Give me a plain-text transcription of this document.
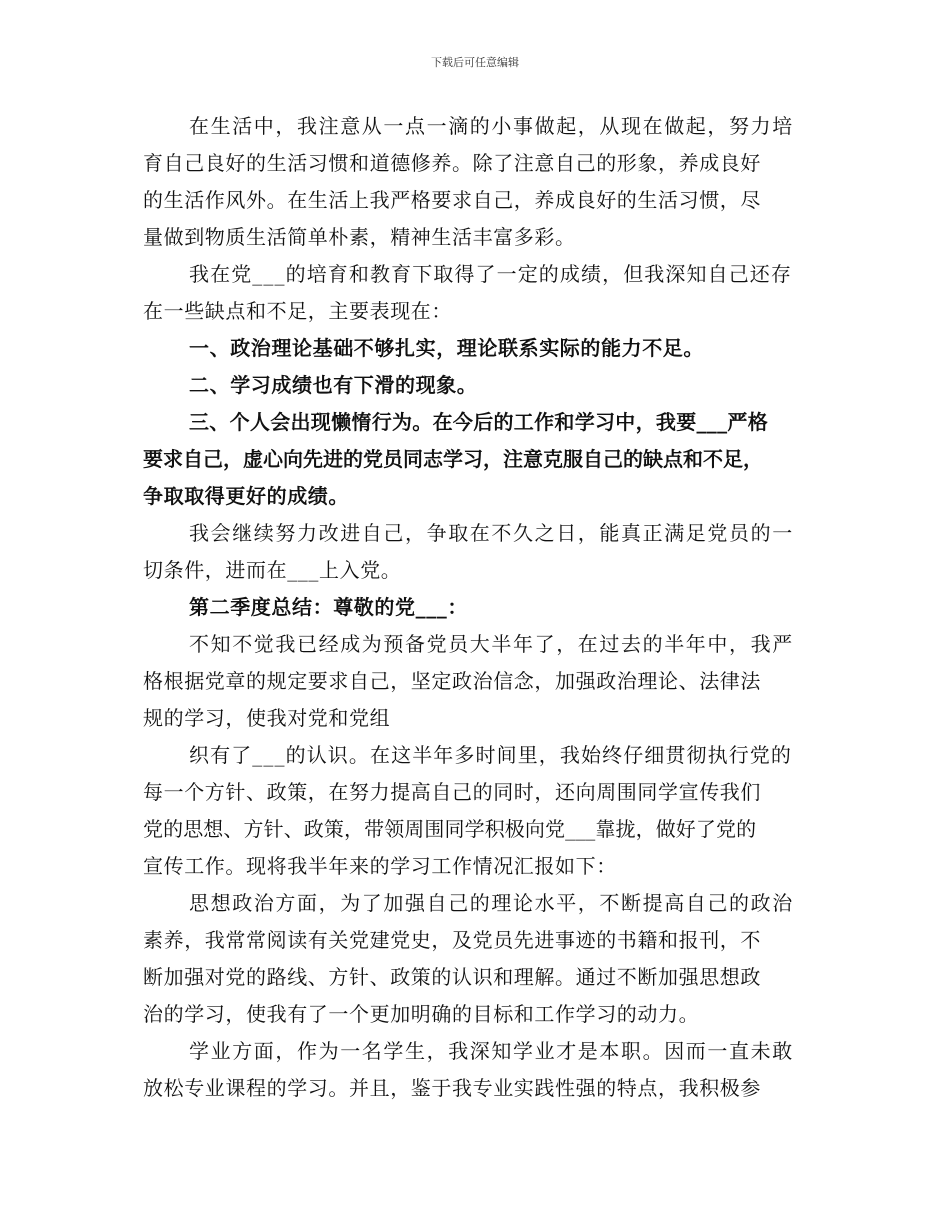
下载后可任意编辑
在生活中，我注意从一点一滴的小事做起，从现在做起，努力培
育自己良好的生活习惯和道德修养。除了注意自己的形象，养成良好
的生活作风外。在生活上我严格要求自己，养成良好的生活习惯，尽
量做到物质生活简单朴素，精神生活丰富多彩。
我在党___的培育和教育下取得了一定的成绩，但我深知自己还存
在一些缺点和不足，主要表现在：
一、政治理论基础不够扎实，理论联系实际的能力不足。
二、学习成绩也有下滑的现象。
三、个人会出现懒惰行为。在今后的工作和学习中，我要___严格
要求自己，虚心向先进的党员同志学习，注意克服自己的缺点和不足，
争取取得更好的成绩。
我会继续努力改进自己，争取在不久之日，能真正满足党员的一
切条件，进而在___上入党。
第二季度总结：尊敬的党___：
不知不觉我已经成为预备党员大半年了，在过去的半年中，我严
格根据党章的规定要求自己，坚定政治信念，加强政治理论、法律法
规的学习，使我对党和党组
织有了___的认识。在这半年多时间里，我始终仔细贯彻执行党的
每一个方针、政策，在努力提高自己的同时，还向周围同学宣传我们
党的思想、方针、政策，带领周围同学积极向党___靠拢，做好了党的
宣传工作。现将我半年来的学习工作情况汇报如下：
思想政治方面，为了加强自己的理论水平，不断提高自己的政治
素养，我常常阅读有关党建党史，及党员先进事迹的书籍和报刊，不
断加强对党的路线、方针、政策的认识和理解。通过不断加强思想政
治的学习，使我有了一个更加明确的目标和工作学习的动力。
学业方面，作为一名学生，我深知学业才是本职。因而一直未敢
放松专业课程的学习。并且，鉴于我专业实践性强的特点，我积极参
